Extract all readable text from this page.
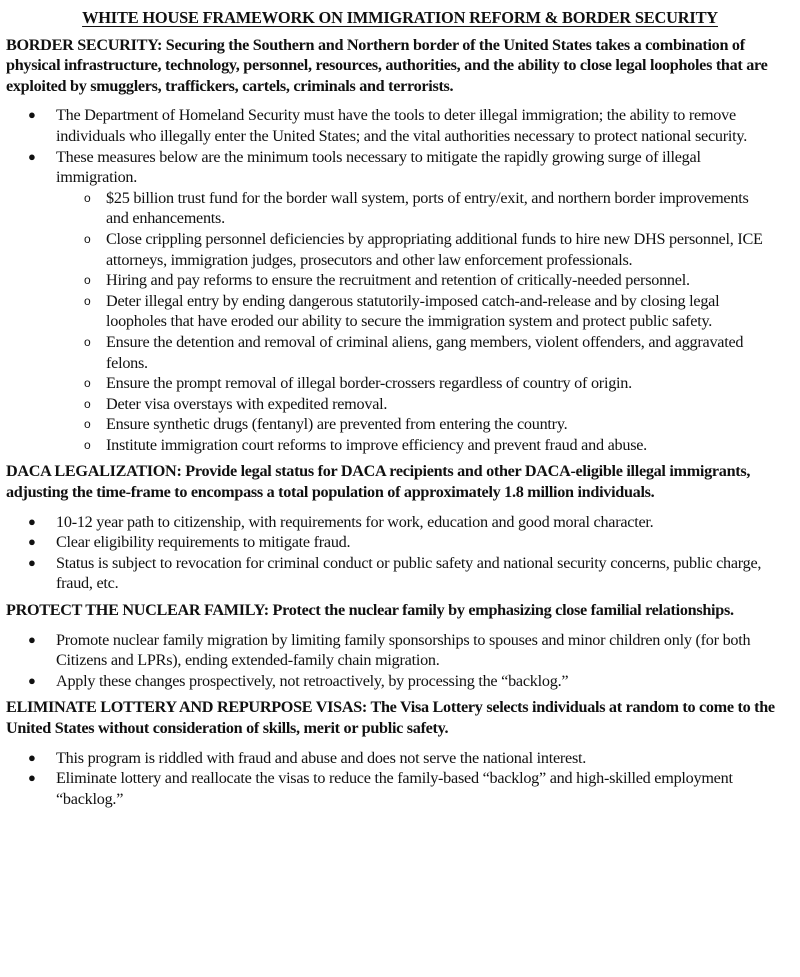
WHITE HOUSE FRAMEWORK ON IMMIGRATION REFORM & BORDER SECURITY

BORDER SECURITY: Securing the Southern and Northern border of the United States takes a combination of physical infrastructure, technology, personnel, resources, authorities, and the ability to close legal loopholes that are exploited by smugglers, traffickers, cartels, criminals and terrorists.

● The Department of Homeland Security must have the tools to deter illegal immigration; the ability to remove individuals who illegally enter the United States; and the vital authorities necessary to protect national security.
● These measures below are the minimum tools necessary to mitigate the rapidly growing surge of illegal immigration.
o $25 billion trust fund for the border wall system, ports of entry/exit, and northern border improvements and enhancements.
o Close crippling personnel deficiencies by appropriating additional funds to hire new DHS personnel, ICE attorneys, immigration judges, prosecutors and other law enforcement professionals.
o Hiring and pay reforms to ensure the recruitment and retention of critically-needed personnel.
o Deter illegal entry by ending dangerous statutorily-imposed catch-and-release and by closing legal loopholes that have eroded our ability to secure the immigration system and protect public safety.
o Ensure the detention and removal of criminal aliens, gang members, violent offenders, and aggravated felons.
o Ensure the prompt removal of illegal border-crossers regardless of country of origin.
o Deter visa overstays with expedited removal.
o Ensure synthetic drugs (fentanyl) are prevented from entering the country.
o Institute immigration court reforms to improve efficiency and prevent fraud and abuse.

DACA LEGALIZATION: Provide legal status for DACA recipients and other DACA-eligible illegal immigrants, adjusting the time-frame to encompass a total population of approximately 1.8 million individuals.

● 10-12 year path to citizenship, with requirements for work, education and good moral character.
● Clear eligibility requirements to mitigate fraud.
● Status is subject to revocation for criminal conduct or public safety and national security concerns, public charge, fraud, etc.

PROTECT THE NUCLEAR FAMILY: Protect the nuclear family by emphasizing close familial relationships.

● Promote nuclear family migration by limiting family sponsorships to spouses and minor children only (for both Citizens and LPRs), ending extended-family chain migration.
● Apply these changes prospectively, not retroactively, by processing the “backlog.”

ELIMINATE LOTTERY AND REPURPOSE VISAS: The Visa Lottery selects individuals at random to come to the United States without consideration of skills, merit or public safety.

● This program is riddled with fraud and abuse and does not serve the national interest.
● Eliminate lottery and reallocate the visas to reduce the family-based “backlog” and high-skilled employment “backlog.”
